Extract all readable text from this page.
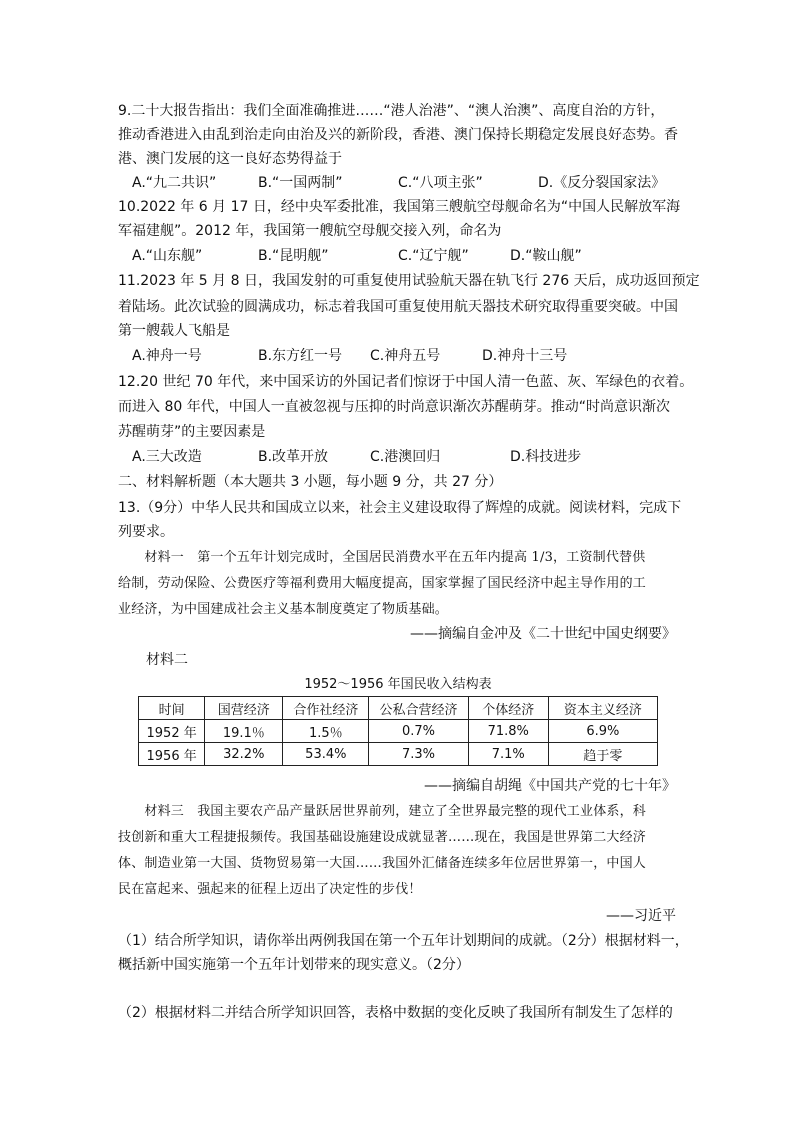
9.二十大报告指出：我们全面准确推进……“港人治港”、“澳人治澳”、高度自治的方针，
推动香港进入由乱到治走向由治及兴的新阶段，香港、澳门保持长期稳定发展良好态势。香
港、澳门发展的这一良好态势得益于
A.“九二共识”	B.“一国两制”	C.“八项主张”	D.《反分裂国家法》
10.2022 年 6 月 17 日，经中央军委批准，我国第三艘航空母舰命名为“中国人民解放军海
军福建舰”。2012 年，我国第一艘航空母舰交接入列，命名为
A.“山东舰”	B.“昆明舰”	C.“辽宁舰”	D.“鞍山舰”
11.2023 年 5 月 8 日，我国发射的可重复使用试验航天器在轨飞行 276 天后，成功返回预定
着陆场。此次试验的圆满成功，标志着我国可重复使用航天器技术研究取得重要突破。中国
第一艘载人飞船是
A.神舟一号	B.东方红一号 C.神舟五号	D.神舟十三号
12.20 世纪 70 年代，来中国采访的外国记者们惊讶于中国人清一色蓝、灰、军绿色的衣着。
而进入 80 年代，中国人一直被忽视与压抑的时尚意识渐次苏醒萌芽。推动“时尚意识渐次
苏醒萌芽”的主要因素是
A.三大改造	B.改革开放	C.港澳回归	D.科技进步
二、材料解析题（本大题共 3 小题，每小题 9 分，共 27 分）
13.（9分）中华人民共和国成立以来，社会主义建设取得了辉煌的成就。阅读材料，完成下
列要求。
　　材料一　第一个五年计划完成时，全国居民消费水平在五年内提高 1/3，工资制代替供
给制，劳动保险、公费医疗等福利费用大幅度提高，国家掌握了国民经济中起主导作用的工
业经济，为中国建成社会主义基本制度奠定了物质基础。
——摘编自金冲及《二十世纪中国史纲要》
材料二
1952～1956 年国民收入结构表
时间	国营经济	合作社经济	公私合营经济	个体经济	资本主义经济
1952 年	19.1％	1.5％	0.7%	71.8%	6.9%
1956 年	32.2%	53.4%	7.3%	7.1%	趋于零
——摘编自胡绳《中国共产党的七十年》
　　材料三　我国主要农产品产量跃居世界前列，建立了全世界最完整的现代工业体系，科
技创新和重大工程捷报频传。我国基础设施建设成就显著……现在，我国是世界第二大经济
体、制造业第一大国、货物贸易第一大国……我国外汇储备连续多年位居世界第一，中国人
民在富起来、强起来的征程上迈出了决定性的步伐！
——习近平
（1）结合所学知识，请你举出两例我国在第一个五年计划期间的成就。（2分）根据材料一，
概括新中国实施第一个五年计划带来的现实意义。（2分）
（2）根据材料二并结合所学知识回答，表格中数据的变化反映了我国所有制发生了怎样的
